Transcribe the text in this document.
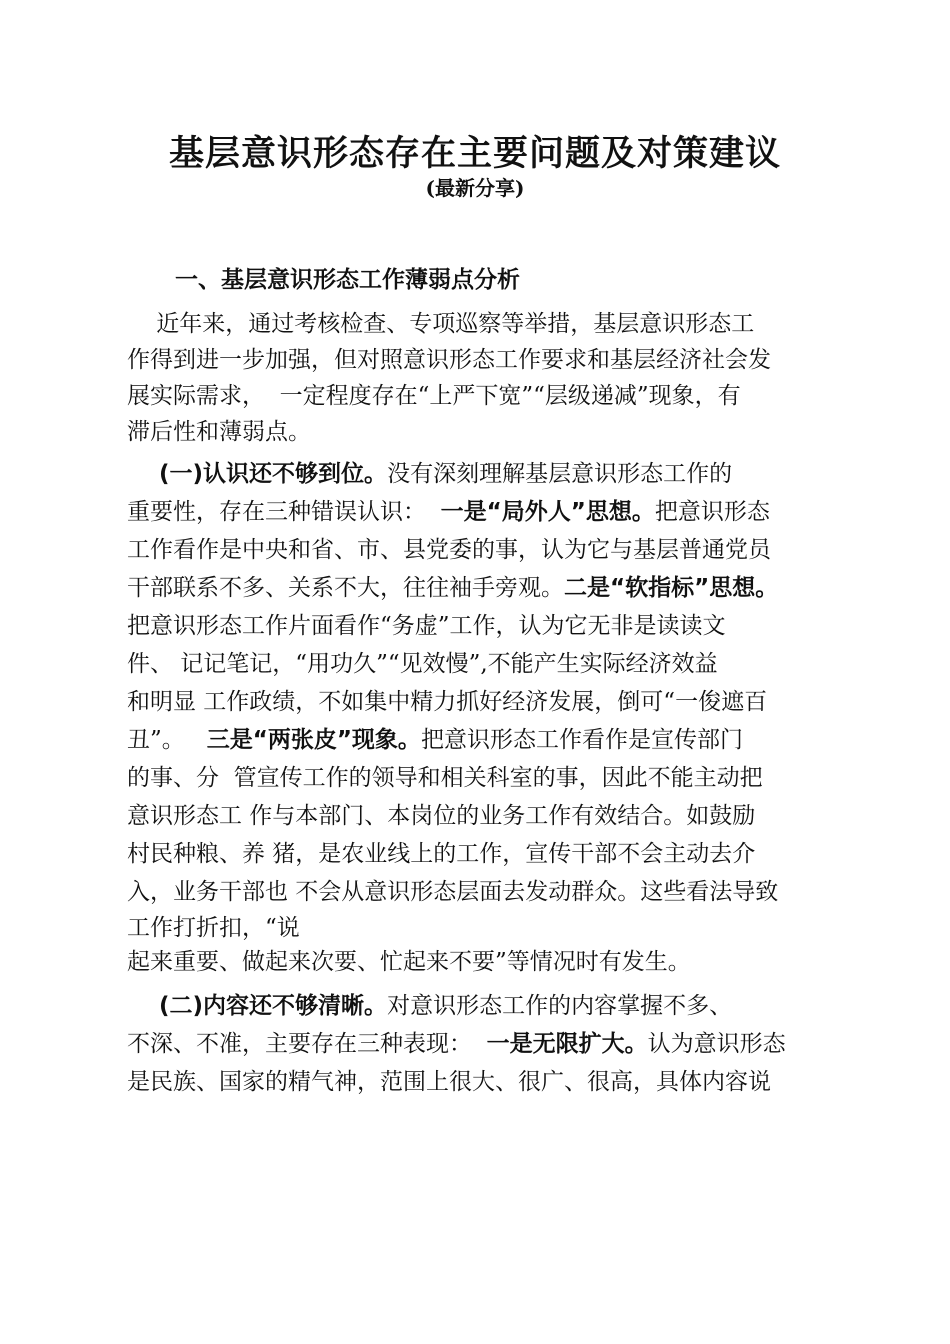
基层意识形态存在主要问题及对策建议
(最新分享)
一、基层意识形态工作薄弱点分析
近年来，通过考核检查、专项巡察等举措，基层意识形态工
作得到进一步加强，但对照意识形态工作要求和基层经济社会发
展实际需求，  一定程度存在“上严下宽”“层级递减”现象，有
滞后性和薄弱点。
(一)认识还不够到位。没有深刻理解基层意识形态工作的
重要性，存在三种错误认识：  一是“局外人”思想。把意识形态
工作看作是中央和省、市、县党委的事，认为它与基层普通党员
干部联系不多、关系不大，往往袖手旁观。二是“软指标”思想。
把意识形态工作片面看作“务虚”工作，认为它无非是读读文
件、 记记笔记，“用功久”“见效慢”,不能产生实际经济效益
和明显 工作政绩，不如集中精力抓好经济发展，倒可“一俊遮百
丑”。   三是“两张皮”现象。把意识形态工作看作是宣传部门
的事、分  管宣传工作的领导和相关科室的事，因此不能主动把
意识形态工 作与本部门、本岗位的业务工作有效结合。如鼓励
村民种粮、养 猪，是农业线上的工作，宣传干部不会主动去介
入，业务干部也 不会从意识形态层面去发动群众。这些看法导致
工作打折扣，“说
起来重要、做起来次要、忙起来不要”等情况时有发生。
(二)内容还不够清晰。对意识形态工作的内容掌握不多、
不深、不准，主要存在三种表现：  一是无限扩大。认为意识形态
是民族、国家的精气神，范围上很大、很广、很高，具体内容说
